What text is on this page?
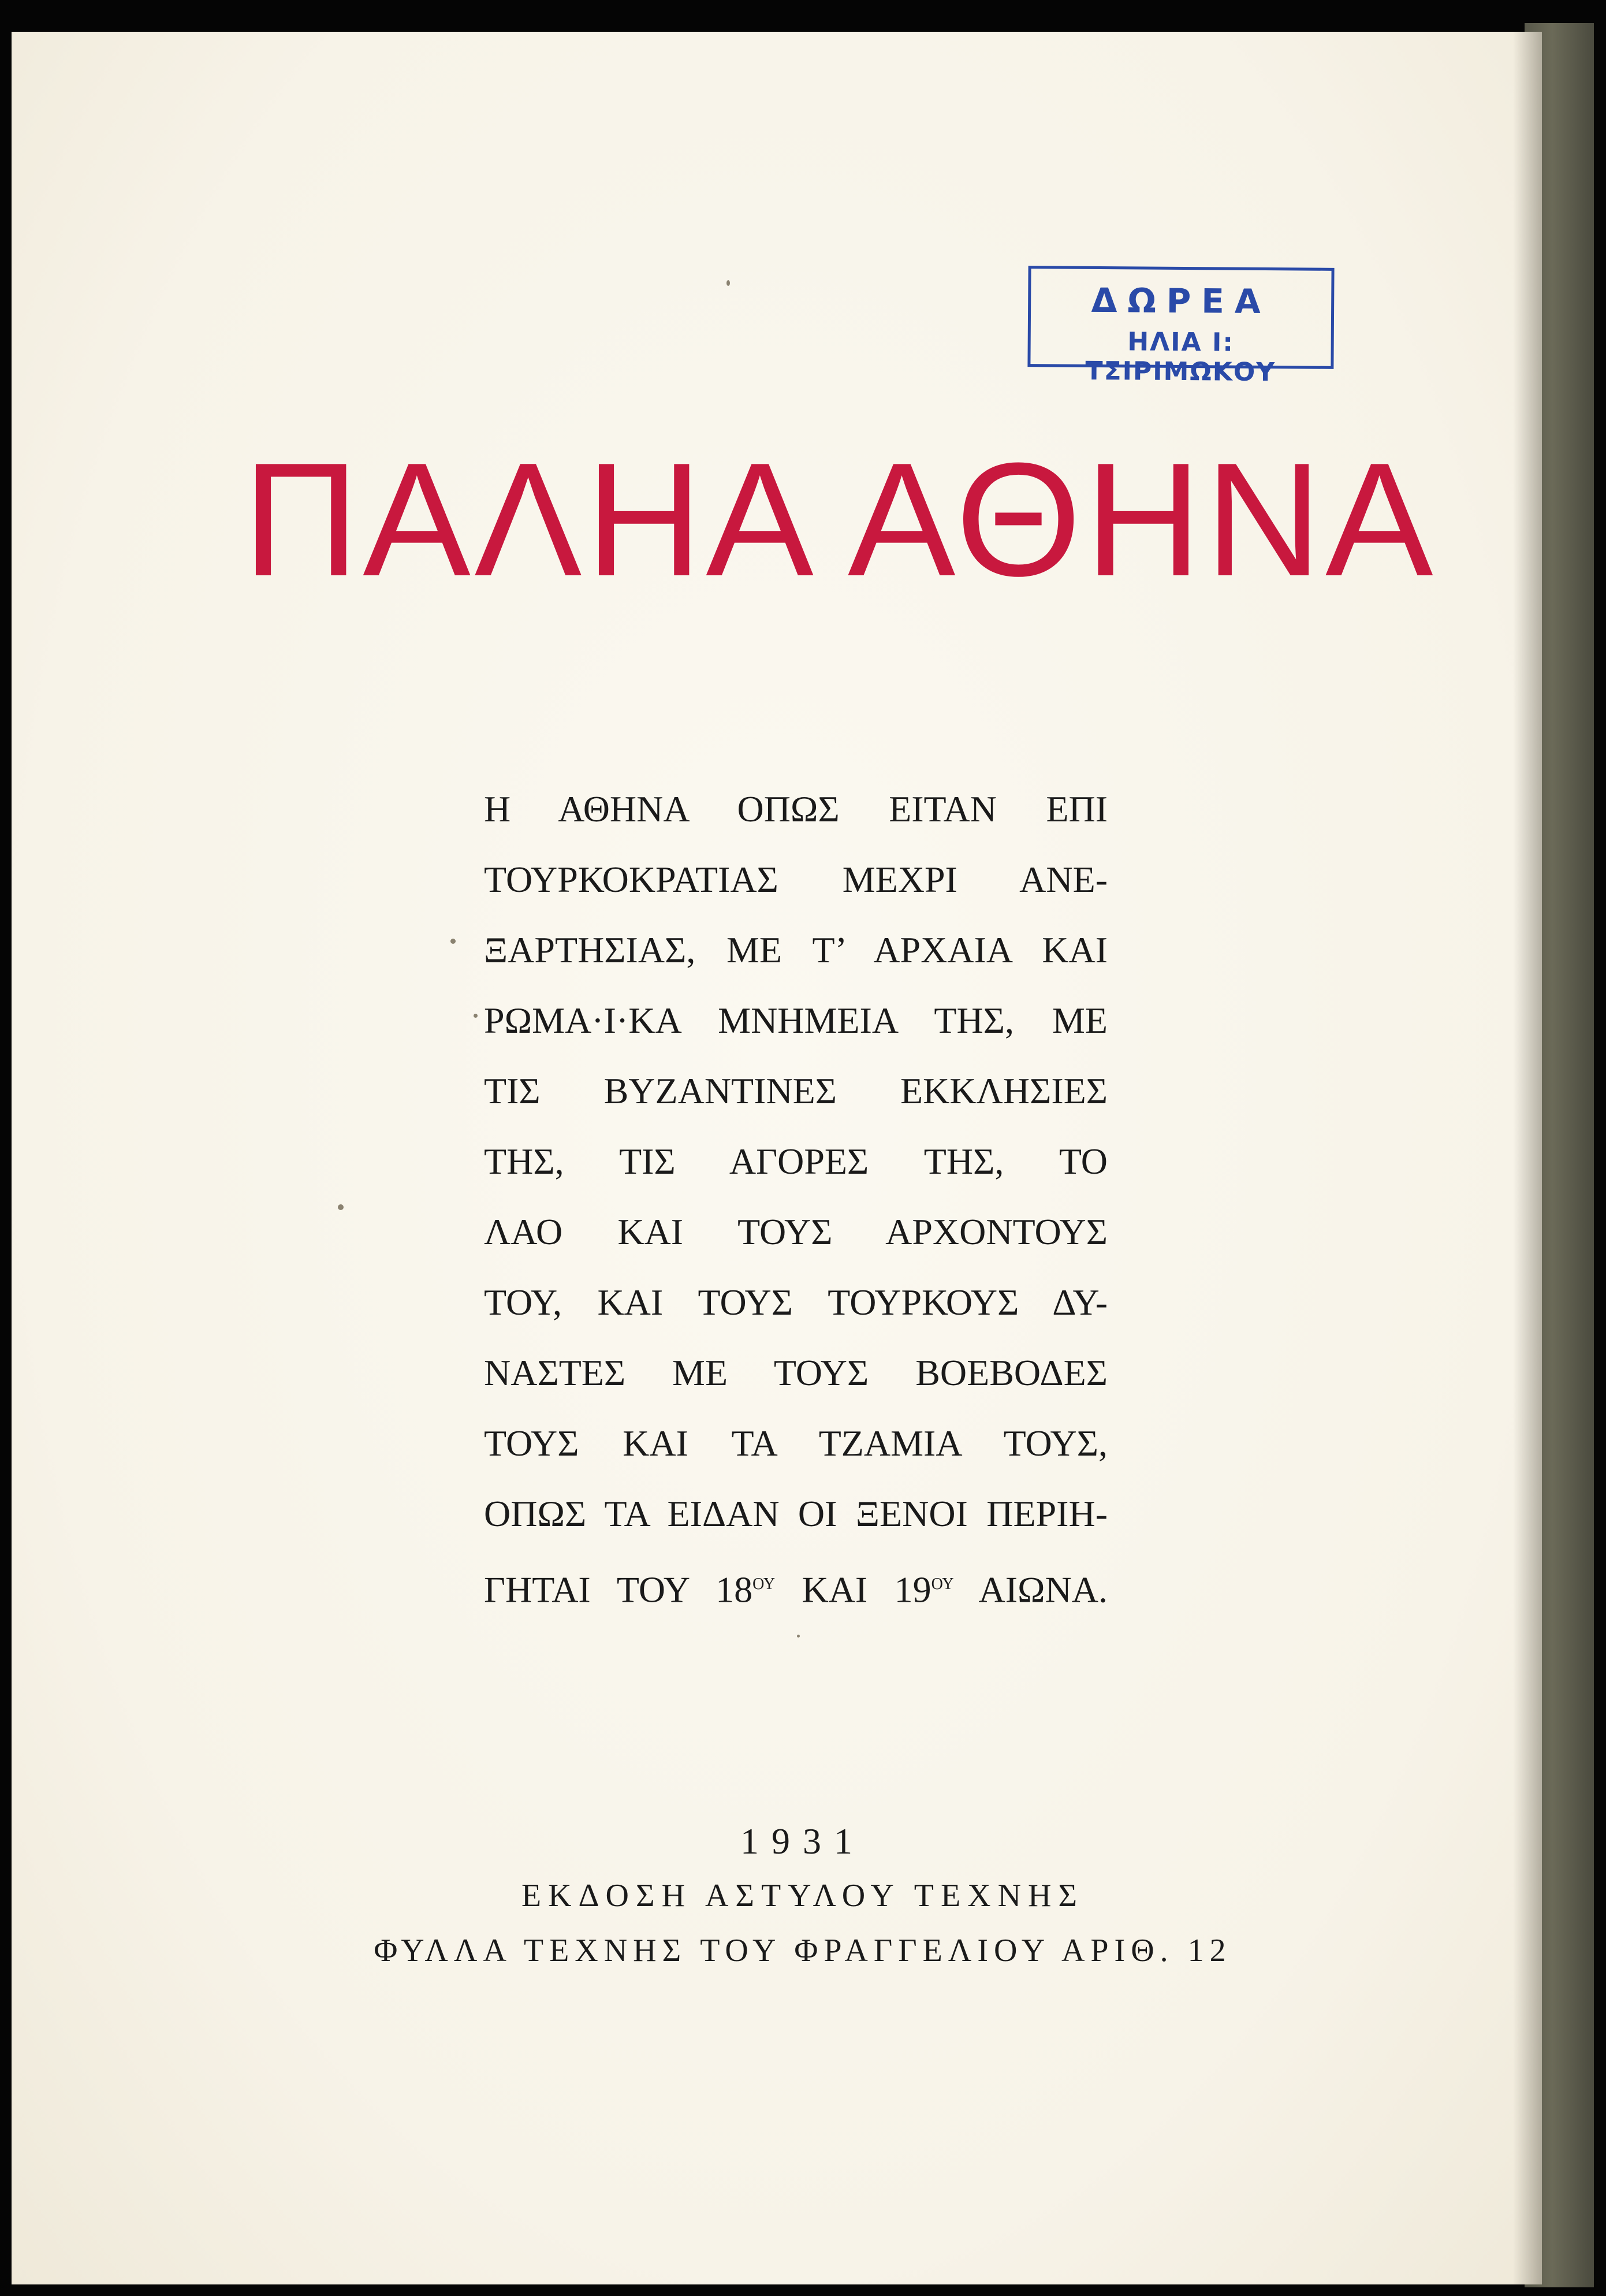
ΔΩΡΕΑ
ΗΛΙΑ Ι: ΤΣΙΡΙΜΩΚΟΥ
ΠΑΛΗΑ ΑΘΗΝΑ
Η ΑΘΗΝΑ ΟΠΩΣ ΕΙΤΑΝ ΕΠΙ
ΤΟΥΡΚΟΚΡΑΤΙΑΣ ΜΕΧΡΙ ΑΝΕ-
ΞΑΡΤΗΣΙΑΣ, ΜΕ Τ’ ΑΡΧΑΙΑ ΚΑΙ
ΡΩΜΑ·Ι·ΚΑ ΜΝΗΜΕΙΑ ΤΗΣ, ΜΕ
ΤΙΣ ΒΥΖΑΝΤΙΝΕΣ ΕΚΚΛΗΣΙΕΣ
ΤΗΣ, ΤΙΣ ΑΓΟΡΕΣ ΤΗΣ, ΤΟ
ΛΑΟ ΚΑΙ ΤΟΥΣ ΑΡΧΟΝΤΟΥΣ
ΤΟΥ, ΚΑΙ ΤΟΥΣ ΤΟΥΡΚΟΥΣ ΔΥ-
ΝΑΣΤΕΣ ΜΕ ΤΟΥΣ ΒΟΕΒΟΔΕΣ
ΤΟΥΣ ΚΑΙ ΤΑ ΤΖΑΜΙΑ ΤΟΥΣ,
ΟΠΩΣ ΤΑ ΕΙΔΑΝ ΟΙ ΞΕΝΟΙ ΠΕΡΙΗ-
ΓΗΤΑΙ ΤΟΥ $18^{O\Upsilon}$ ΚΑΙ $19^{O\Upsilon}$ ΑΙΩΝΑ.
1931
ΕΚΔΟΣΗ ΑΣΤΥΛΟΥ ΤΕΧΝΗΣ
ΦΥΛΛΑ ΤΕΧΝΗΣ ΤΟΥ ΦΡΑΓΓΕΛΙΟΥ ΑΡΙΘ. 12
